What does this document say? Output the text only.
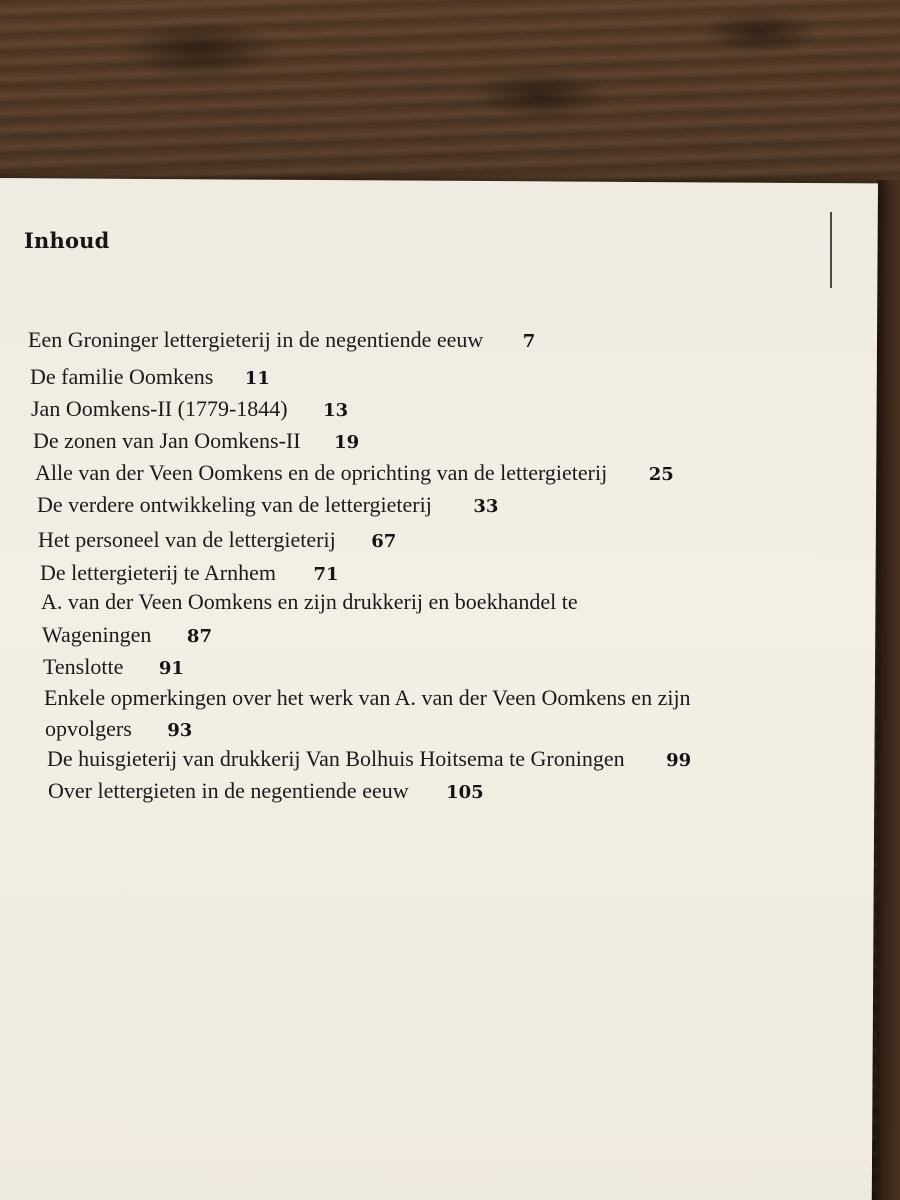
Inhoud
Een Groninger lettergieterij in de negentiende eeuw 7
De familie Oomkens 11
Jan Oomkens-II (1779-1844) 13
De zonen van Jan Oomkens-II 19
Alle van der Veen Oomkens en de oprichting van de lettergieterij 25
De verdere ontwikkeling van de lettergieterij 33
Het personeel van de lettergieterij 67
De lettergieterij te Arnhem 71
A. van der Veen Oomkens en zijn drukkerij en boekhandel te
Wageningen 87
Tenslotte 91
Enkele opmerkingen over het werk van A. van der Veen Oomkens en zijn
opvolgers 93
De huisgieterij van drukkerij Van Bolhuis Hoitsema te Groningen 99
Over lettergieten in de negentiende eeuw 105
